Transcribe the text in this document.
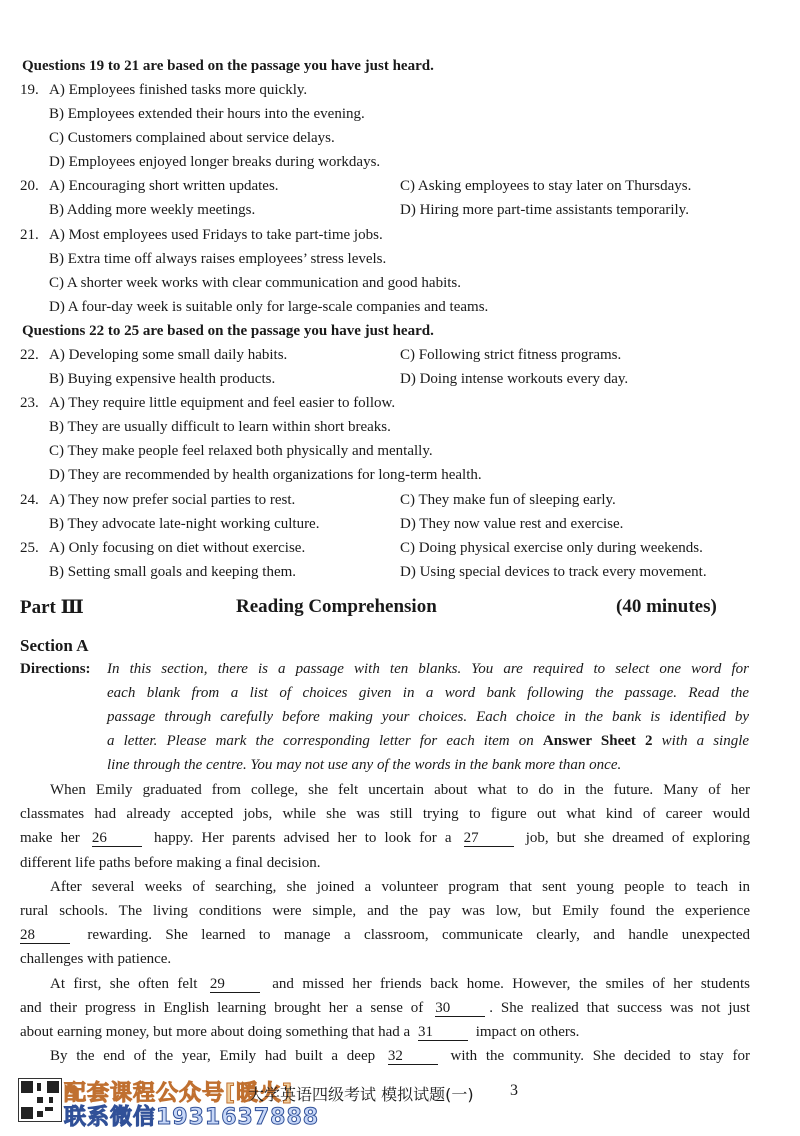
Questions 19 to 21 are based on the passage you have just heard.
19. A) Employees finished tasks more quickly.
B) Employees extended their hours into the evening.
C) Customers complained about service delays.
D) Employees enjoyed longer breaks during workdays.
20. A) Encouraging short written updates.	C) Asking employees to stay later on Thursdays.
B) Adding more weekly meetings.	D) Hiring more part-time assistants temporarily.
21. A) Most employees used Fridays to take part-time jobs.
B) Extra time off always raises employees’ stress levels.
C) A shorter week works with clear communication and good habits.
D) A four-day week is suitable only for large-scale companies and teams.
Questions 22 to 25 are based on the passage you have just heard.
22. A) Developing some small daily habits.	C) Following strict fitness programs.
B) Buying expensive health products.	D) Doing intense workouts every day.
23. A) They require little equipment and feel easier to follow.
B) They are usually difficult to learn within short breaks.
C) They make people feel relaxed both physically and mentally.
D) They are recommended by health organizations for long-term health.
24. A) They now prefer social parties to rest.	C) They make fun of sleeping early.
B) They advocate late-night working culture.	D) They now value rest and exercise.
25. A) Only focusing on diet without exercise.	C) Doing physical exercise only during weekends.
B) Setting small goals and keeping them.	D) Using special devices to track every movement.
Part Ⅲ	Reading Comprehension	(40 minutes)
Section A
Directions: In this section, there is a passage with ten blanks. You are required to select one word for
each blank from a list of choices given in a word bank following the passage. Read the
passage through carefully before making your choices. Each choice in the bank is identified by
a letter. Please mark the corresponding letter for each item on Answer Sheet 2 with a single
line through the centre. You may not use any of the words in the bank more than once.
When Emily graduated from college, she felt uncertain about what to do in the future. Many of her
classmates had already accepted jobs, while she was still trying to figure out what kind of career would
make her 26	happy. Her parents advised her to look for a 27	job, but she dreamed of exploring
different life paths before making a final decision.
After several weeks of searching, she joined a volunteer program that sent young people to teach in
rural schools. The living conditions were simple, and the pay was low, but Emily found the experience
28	rewarding. She learned to manage a classroom, communicate clearly, and handle unexpected
challenges with patience.
At first, she often felt 29	and missed her friends back home. However, the smiles of her students
and their progress in English learning brought her a sense of 30	. She realized that success was not just
about earning money, but more about doing something that had a 31	impact on others.
By the end of the year, Emily had built a deep 32	with the community. She decided to stay for
配套课程公众号[暖火]
联系微信1931637888
大学英语四级考试 模拟试题(一) 3
